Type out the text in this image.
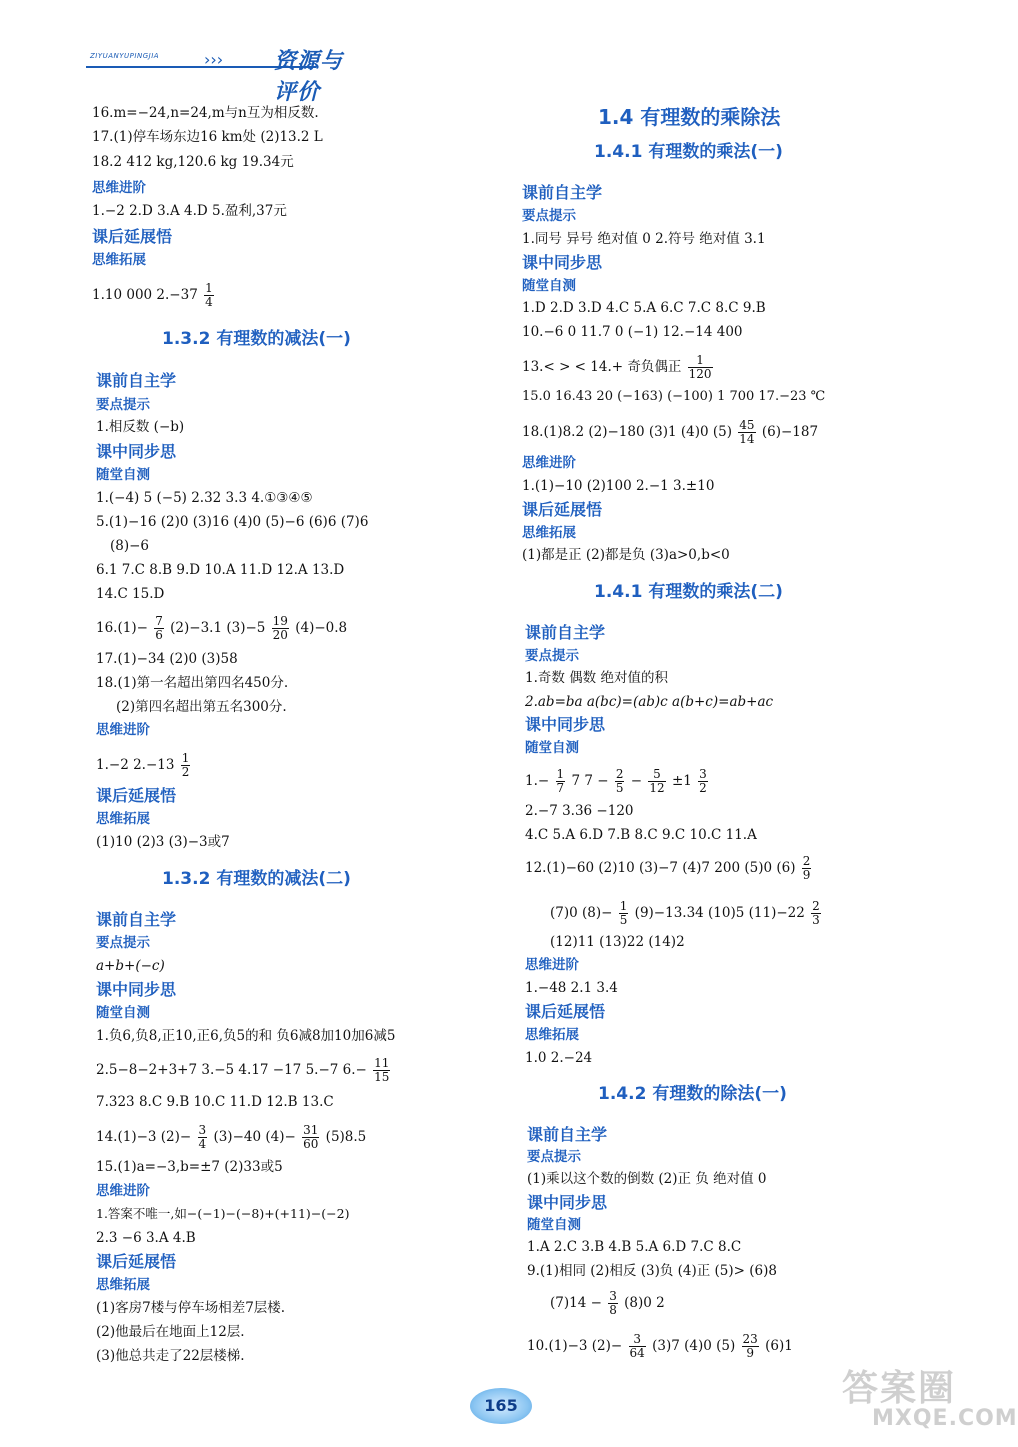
ZIYUANYUPINGJIA	››› 资源与评价
16.m=−24,n=24,m与n互为相反数.
17.(1)停车场东边16 km处 (2)13.2 L
18.2 412 kg,120.6 kg 19.34元
思维进阶
1.−2 2.D 3.A 4.D 5.盈利,37元
课后延展悟
思维拓展
1.10 000 $2.-37 \frac{1}{4}$
1.3.2 有理数的减法(一)
课前自主学
要点提示
1.相反数 (−b)
课中同步思
随堂自测
1.(−4) 5 (−5) 2.32 3.3 4.①③④⑤
5.(1)−16 (2)0 (3)16 (4)0 (5)−6 (6)6 (7)6
(8)−6
6.1 7.C 8.B 9.D 10.A 11.D 12.A 13.D
14.C 15.D
$16.(1)- \frac{7}{6} (2)-3.1$ $(3)-5 \frac{19}{20} (4)-0.8$
17.(1)−34 (2)0 (3)58
18.(1)第一名超出第四名450分.
(2)第四名超出第五名300分.
思维进阶
1.−2 $2.-13 \frac{1}{2}$
课后延展悟
思维拓展
(1)10 (2)3 (3)−3或7
1.3.2 有理数的减法(二)
课前自主学
要点提示
a+b+(−c)
课中同步思
随堂自测
1.负6,负8,正10,正6,负5的和 负6减8加10加6减5
2.5−8−2+3+7 3.−5 4.17 −17 5.−7 $6.- \frac{11}{15}$
7.323 8.C 9.B 10.C 11.D 12.B 13.C
14.(1)−3 $(2)- \frac{3}{4} (3)-40$ $(4)- \frac{31}{60} (5)8.5$
15.(1)a=−3,b=±7 (2)33或5
思维进阶
1.答案不唯一,如−(−1)−(−8)+(+11)−(−2)
2.3 −6 3.A 4.B
课后延展悟
思维拓展
(1)客房7楼与停车场相差7层楼.
(2)他最后在地面上12层.
(3)他总共走了22层楼梯.
1.4 有理数的乘除法
1.4.1 有理数的乘法(一)
课前自主学
要点提示
1.同号 异号 绝对值 0 2.符号 绝对值 3.1
课中同步思
随堂自测
1.D 2.D 3.D 4.C 5.A 6.C 7.C 8.C 9.B
10.−6 0 11.7 0 (−1) 12.−14 400
13.< > < 14.+ 奇负偶正 $\frac{1}{120}$
15.0 16.43 20 (−163) (−100) 1 700 17.−23 ℃
18.(1)8.2 (2)−180 (3)1 (4)0 $(5) \frac{45}{14} (6)-187$
思维进阶
1.(1)−10 (2)100 2.−1 3.±10
课后延展悟
思维拓展
(1)都是正 (2)都是负 (3)a>0,b<0
1.4.1 有理数的乘法(二)
课前自主学
要点提示
1.奇数 偶数 绝对值的积
2.ab=ba a(bc)=(ab)c a(b+c)=ab+ac
课中同步思
随堂自测
$1.- \frac{1}{7} 7$ $7 - \frac{2}{5} - \frac{5}{12} \pm 1 \frac{3}{2}$
2.−7 3.36 −120
4.C 5.A 6.D 7.B 8.C 9.C 10.C 11.A
12.(1)−60 (2)10 (3)−7 (4)7 200 (5)0 $(6) \frac{2}{9}$
(7)0 $(8)- \frac{1}{5} (9)-13.34$ (10)5 $(11)-22 \frac{2}{3}$
(12)11 (13)22 (14)2
思维进阶
1.−48 2.1 3.4
课后延展悟
思维拓展
1.0 2.−24
1.4.2 有理数的除法(一)
课前自主学
要点提示
(1)乘以这个数的倒数 (2)正 负 绝对值 0
课中同步思
随堂自测
1.A 2.C 3.B 4.B 5.A 6.D 7.C 8.C
9.(1)相同 (2)相反 (3)负 (4)正 (5)> (6)8
$(7)14 - \frac{3}{8} (8)0$ 2
10.(1)−3 $(2)- \frac{3}{64} (3)7$ (4)0 $(5) \frac{23}{9} (6)1$
165	答案圈
MXQE.COM
